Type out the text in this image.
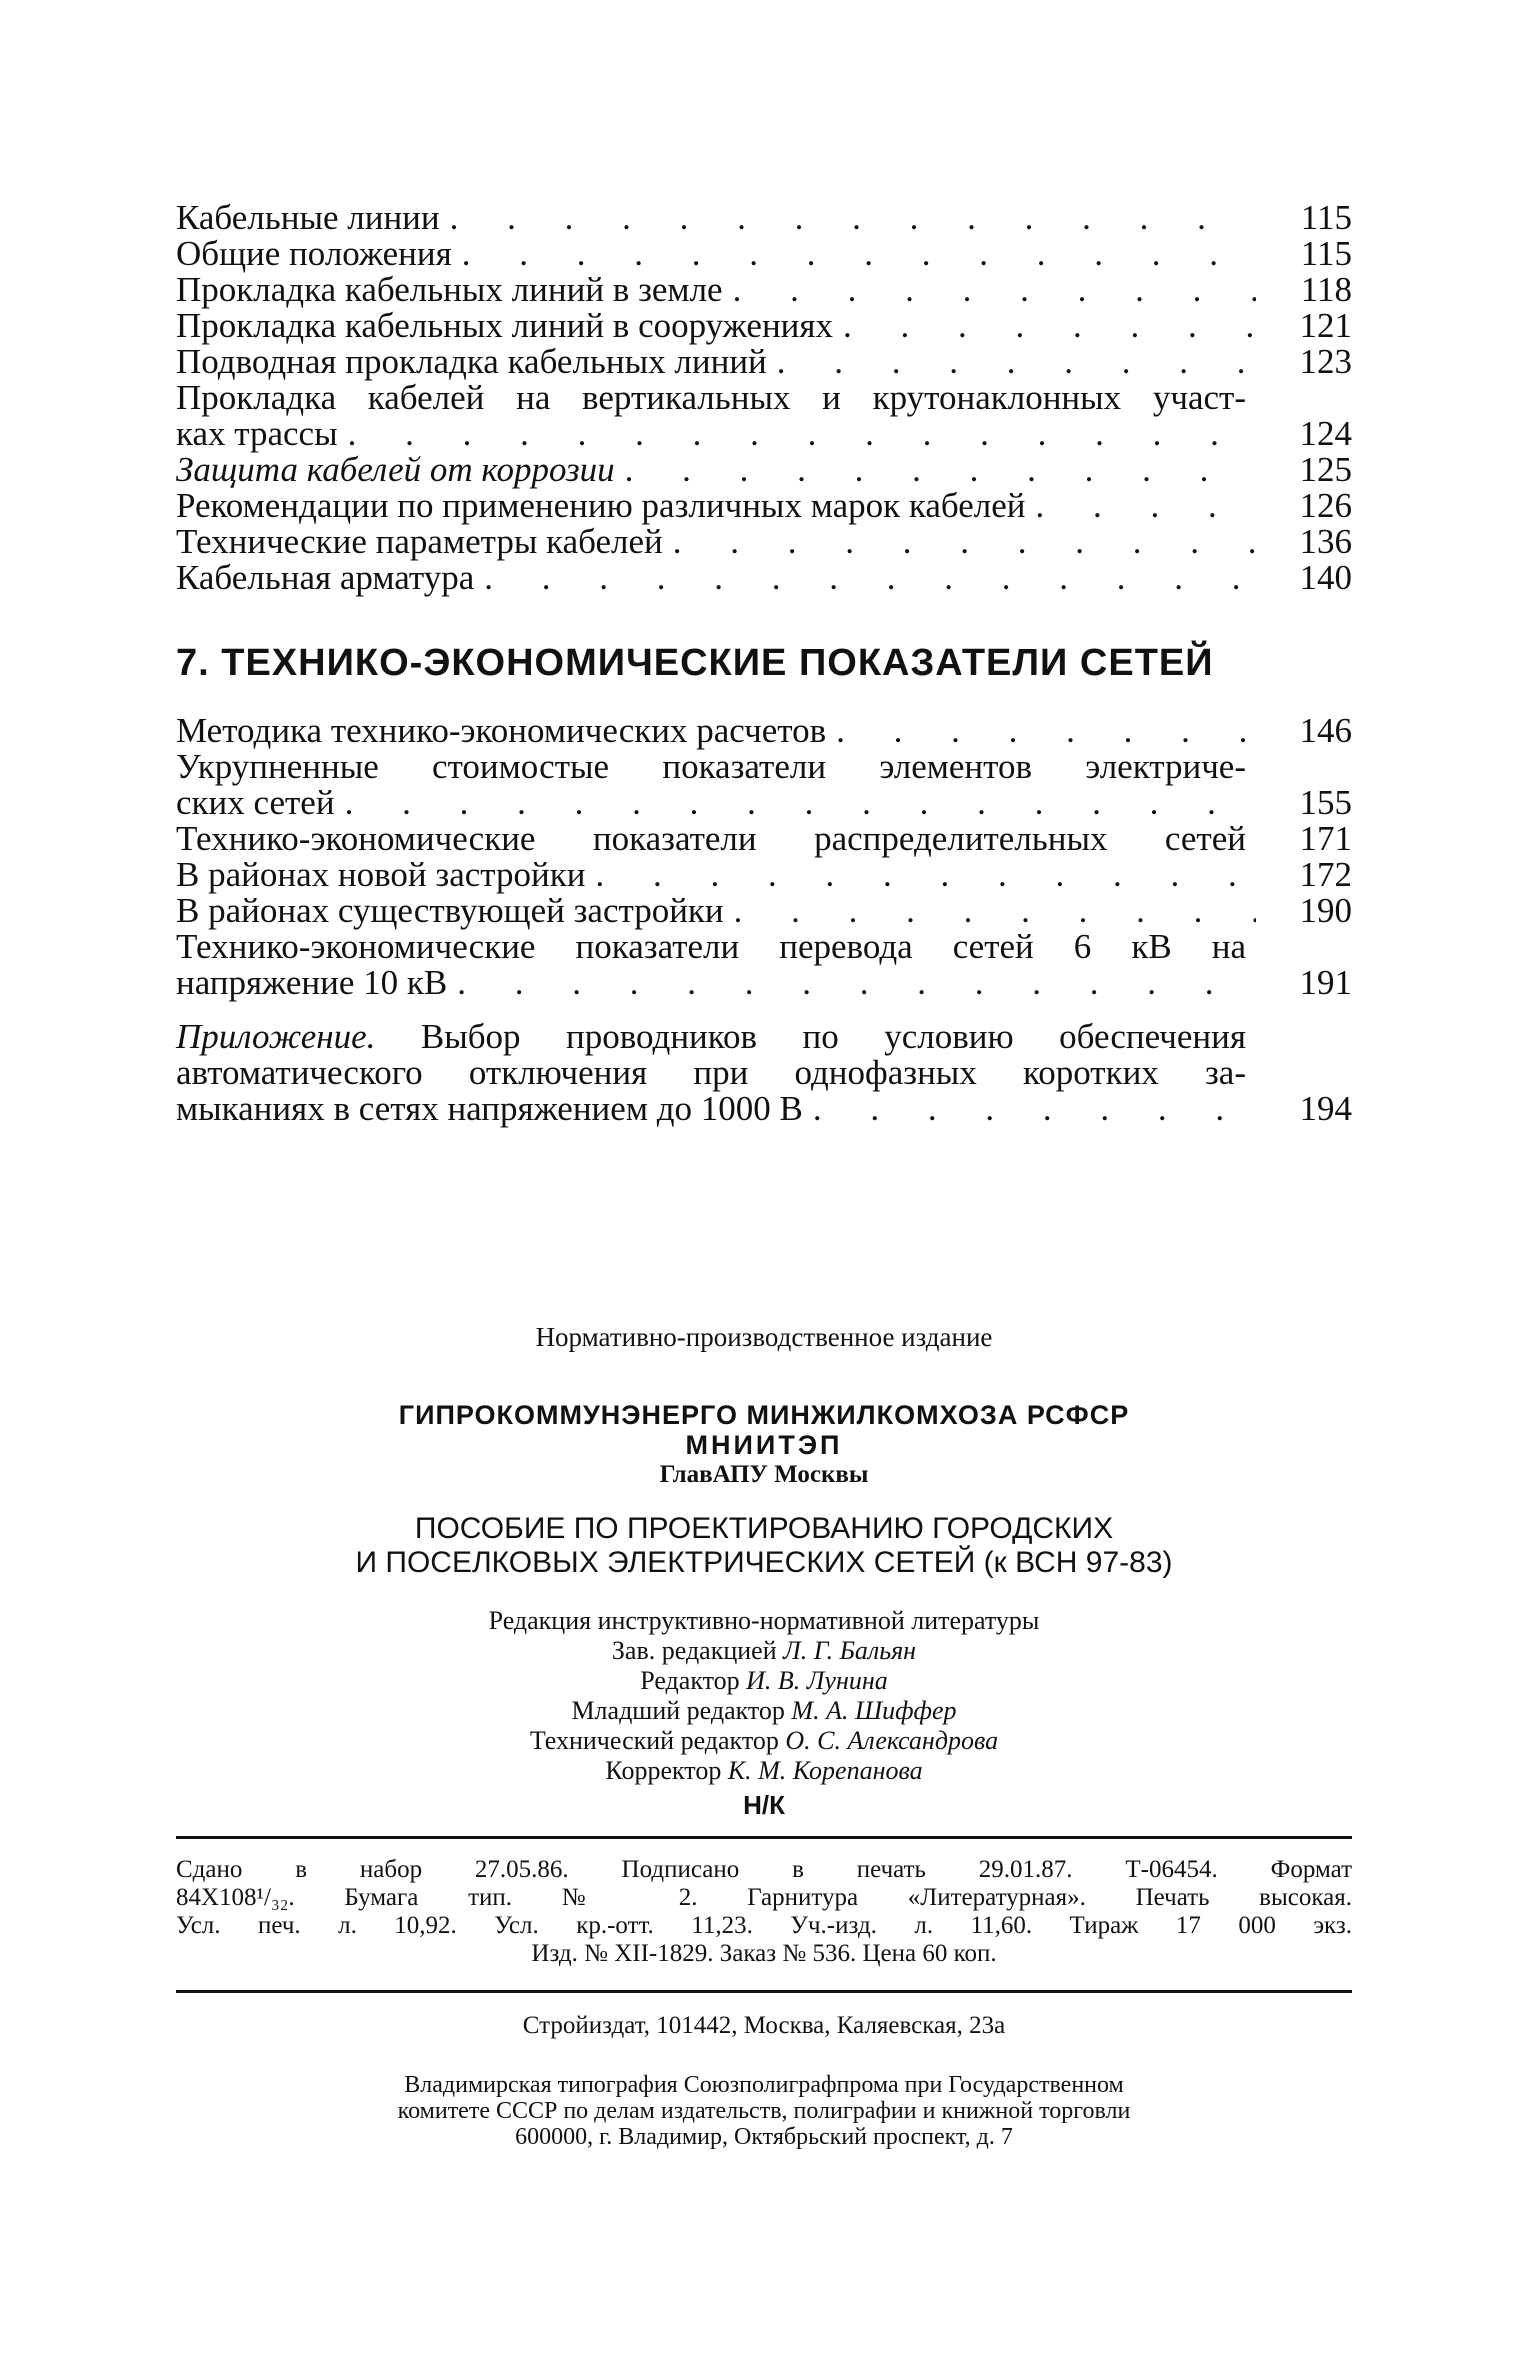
Кабельные линии . . .	115
Общие положения . . .	115
Прокладка кабельных линий в земле . . .	118
Прокладка кабельных линий в сооружениях . . .	121
Подводная прокладка кабельных линий . . .	123
Прокладка кабелей на вертикальных и крутонаклонных участ-
ках трассы . . .	124
Защита кабелей от коррозии . . .	125
Рекомендации по применению различных марок кабелей . . .	126
Технические параметры кабелей . . .	136
Кабельная арматура . . .	140
7. ТЕХНИКО-ЭКОНОМИЧЕСКИЕ ПОКАЗАТЕЛИ СЕТЕЙ
Методика технико-экономических расчетов . . .	146
Укрупненные стоимостые показатели элементов электриче-
ских сетей . . .	155
Технико-экономические показатели распределительных сетей	171
В районах новой застройки . . .	172
В районах существующей застройки . . .	190
Технико-экономические показатели перевода сетей 6 кВ на
напряжение 10 кВ . . .	191
Приложение. Выбор проводников по условию обеспечения
автоматического отключения при однофазных коротких за-
мыканиях в сетях напряжением до 1000 В . . .	194
Нормативно-производственное издание
ГИПРОКОММУНЭНЕРГО МИНЖИЛКОМХОЗА РСФСР
МНИИТЭП
ГлавАПУ Москвы
ПОСОБИЕ ПО ПРОЕКТИРОВАНИЮ ГОРОДСКИХ
И ПОСЕЛКОВЫХ ЭЛЕКТРИЧЕСКИХ СЕТЕЙ (к ВСН 97-83)
Редакция инструктивно-нормативной литературы
Зав. редакцией Л. Г. Бальян
Редактор И. В. Лунина
Младший редактор М. А. Шиффер
Технический редактор О. С. Александрова
Корректор К. М. Корепанова
Н/К
Сдано в набор 27.05.86. Подписано в печать 29.01.87. Т-06454. Формат
84X108¹/₃₂. Бумага тип. № 2. Гарнитура «Литературная». Печать высокая.
Усл. печ. л. 10,92. Усл. кр.-отт. 11,23. Уч.-изд. л. 11,60. Тираж 17 000 экз.
Изд. № XII-1829. Заказ № 536. Цена 60 коп.
Стройиздат, 101442, Москва, Каляевская, 23а
Владимирская типография Союзполиграфпрома при Государственном
комитете СССР по делам издательств, полиграфии и книжной торговли
600000, г. Владимир, Октябрьский проспект, д. 7
